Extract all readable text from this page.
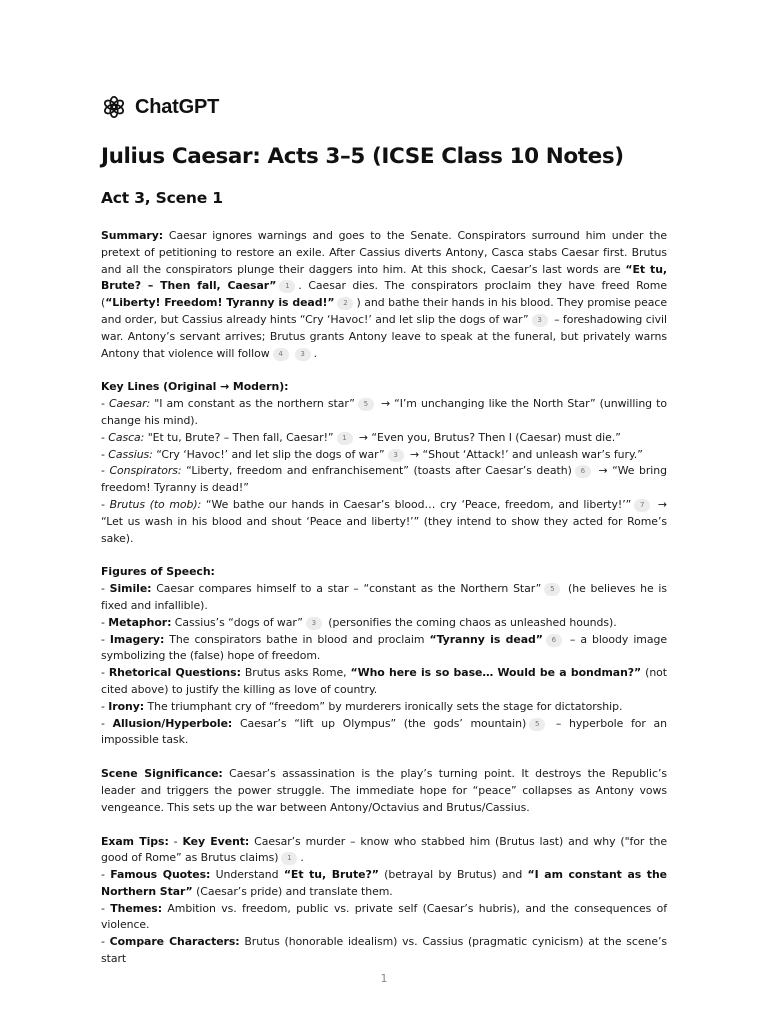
ChatGPT
Julius Caesar: Acts 3–5 (ICSE Class 10 Notes)
Act 3, Scene 1

Summary: Caesar ignores warnings and goes to the Senate. Conspirators surround him under the pretext of petitioning to restore an exile. After Cassius diverts Antony, Casca stabs Caesar first. Brutus and all the conspirators plunge their daggers into him. At this shock, Caesar’s last words are “Et tu, Brute? – Then fall, Caesar” 1 . Caesar dies. The conspirators proclaim they have freed Rome (“Liberty! Freedom! Tyranny is dead!” 2 ) and bathe their hands in his blood. They promise peace and order, but Cassius already hints “Cry ‘Havoc!’ and let slip the dogs of war” 3 – foreshadowing civil war. Antony’s servant arrives; Brutus grants Antony leave to speak at the funeral, but privately warns Antony that violence will follow 4	3 .

Key Lines (Original → Modern):
- Caesar: "I am constant as the northern star” 5 → “I’m unchanging like the North Star” (unwilling to change his mind).
- Casca: "Et tu, Brute? – Then fall, Caesar!” 1 → “Even you, Brutus? Then I (Caesar) must die.”
- Cassius: “Cry ‘Havoc!’ and let slip the dogs of war” 3 → “Shout ‘Attack!’ and unleash war’s fury.”
- Conspirators: “Liberty, freedom and enfranchisement” (toasts after Caesar’s death) 6 → “We bring freedom! Tyranny is dead!”
- Brutus (to mob): “We bathe our hands in Caesar’s blood… cry ‘Peace, freedom, and liberty!’” 7 → “Let us wash in his blood and shout ‘Peace and liberty!’” (they intend to show they acted for Rome’s sake).
Figures of Speech:
- Simile: Caesar compares himself to a star – “constant as the Northern Star” 5 (he believes he is fixed and infallible).
- Metaphor: Cassius’s “dogs of war” 3 (personifies the coming chaos as unleashed hounds).
- Imagery: The conspirators bathe in blood and proclaim “Tyranny is dead” 6 – a bloody image symbolizing the (false) hope of freedom.
- Rhetorical Questions: Brutus asks Rome, “Who here is so base… Would be a bondman?” (not cited above) to justify the killing as love of country.
- Irony: The triumphant cry of “freedom” by murderers ironically sets the stage for dictatorship.
- Allusion/Hyperbole: Caesar’s “lift up Olympus” (the gods’ mountain) 5 – hyperbole for an impossible task.

Scene Significance: Caesar’s assassination is the play’s turning point. It destroys the Republic’s leader and triggers the power struggle. The immediate hope for “peace” collapses as Antony vows vengeance. This sets up the war between Antony/Octavius and Brutus/Cassius.

Exam Tips: - Key Event: Caesar’s murder – know who stabbed him (Brutus last) and why ("for the good of Rome” as Brutus claims) 1 .
- Famous Quotes: Understand “Et tu, Brute?” (betrayal by Brutus) and “I am constant as the Northern Star” (Caesar’s pride) and translate them.
- Themes: Ambition vs. freedom, public vs. private self (Caesar’s hubris), and the consequences of violence.
- Compare Characters: Brutus (honorable idealism) vs. Cassius (pragmatic cynicism) at the scene’s start
1
